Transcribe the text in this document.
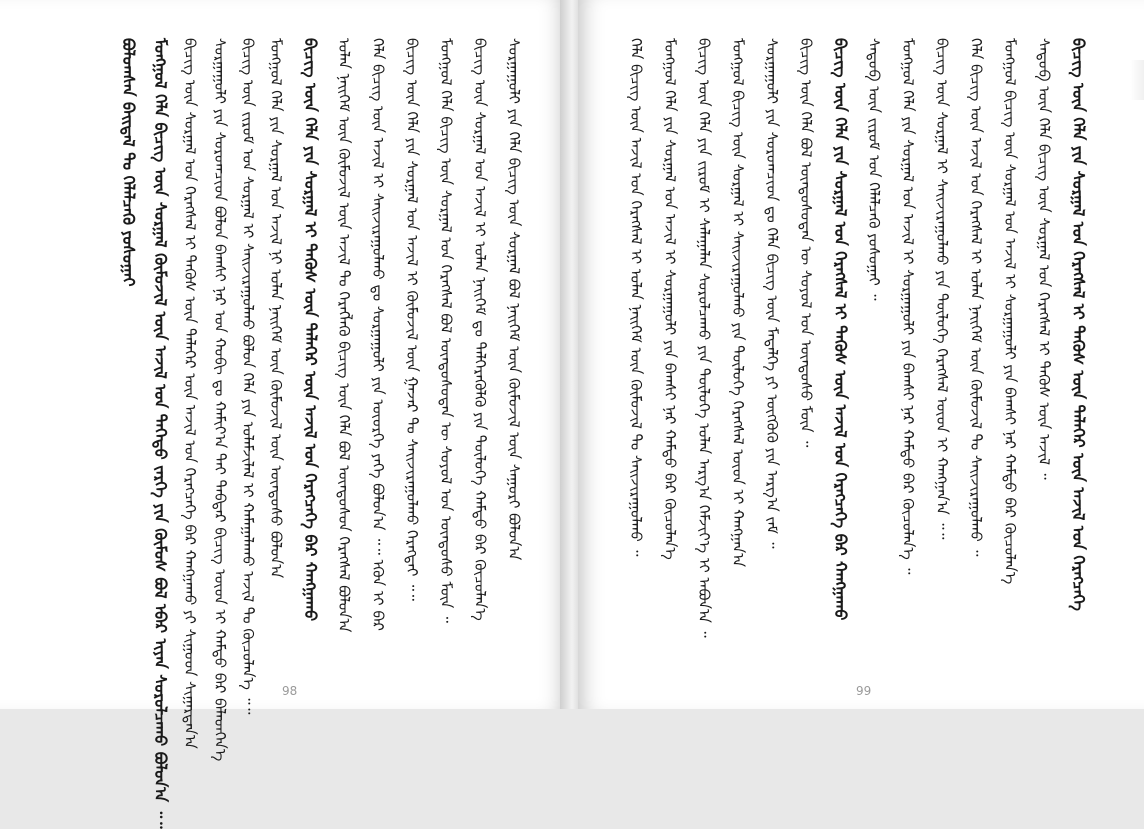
98
ᠪᠣᠯᠣᠭᠰᠠᠨ ᠪᠠᠢ᠌ᠳᠠᠯ ᠲᠤ ᠬᠡᠯᠡᠯᠴᠡᠬᠦ ᠶᠣᠰᠣᠭᠠᠢ ᠮᠣᠩᠭᠣᠯ ᠬᠡᠯᠡ ᠪᠢᠴᠢᠭ ᠦᠨ ᠰᠤᠷᠭᠠᠯ ᠬᠦᠮᠦᠵᠢᠯ ᠦᠨ ᠠᠵᠢᠯ ᠤᠨ ᠳᠡᠭᠡᠳᠦ ᠵᠡᠷᠭᠡ ᠶᠢᠨ ᠬᠦᠮᠦᠰ ᠪᠣᠯ ᠡᠪᠡᠷ ᠢᠶᠡᠨ ᠰᠤᠷᠤᠯᠴᠠᠬᠤ ᠪᠣᠯᠤᠨ᠎ᠠ ᠃᠃ ᠪᠢᠴᠢᠭ ᠦᠨ ᠰᠤᠷᠭᠠᠯ ᠤᠨ ᠬᠡᠷᠡᠭᠰᠡᠯ ᠢ ᠲᠡᠭᠦᠰ ᠦᠨ ᠲᠡᠯᠡᠭᠡᠷ ᠦᠨ ᠠᠵᠢᠯ ᠤᠨ ᠬᠡᠷᠡᠭᠴᠡᠭᠡ ᠪᠡᠷ ᠬᠠᠩᠭᠠᠬᠤ ᠶᠢ ᠰᠢᠭᠤᠳ ᠰᠢᠭᠠᠷᠳᠠᠨ᠎ᠠ ᠰᠤᠷᠭᠠᠭᠤᠯᠢ ᠶᠢᠨ ᠰᠤᠷᠤᠭᠴᠢᠳ ᠪᠣᠯᠤᠨ ᠪᠠᠭᠰᠢ ᠨᠠᠷ ᠤᠨ ᠬᠤᠪᠢ ᠳᠤ ᠬᠠᠮᠢᠶ᠎ᠠ ᠲᠠᠢ ᠳᠡᠪᠲᠡᠷ ᠪᠢᠴᠢᠭ ᠦᠳ ᠢ ᠬᠠᠮᠲᠤ ᠪᠡᠷ ᠪᠡᠯᠡᠳᠬᠡᠨ᠎ᠡ ᠪᠢᠴᠢᠭ ᠦᠨ ᠵᠢᠷᠤᠮ ᠤᠨ ᠰᠤᠷᠭᠠᠯ ᠢ ᠰᠠᠢᠵᠢᠷᠠᠭᠤᠯᠬᠤ ᠪᠣᠯᠤᠨ ᠬᠡᠯᠡ ᠶᠢᠨ ᠤᠯᠠᠮᠵᠢᠯᠠᠯ ᠢ ᠬᠠᠮᠠᠭᠠᠯᠠᠬᠤ ᠠᠵᠢᠯ ᠲᠤ ᠬᠦᠴᠦᠯᠡᠨ᠎ᠡ ᠃᠃ ᠮᠣᠩᠭᠣᠯ ᠬᠡᠯᠡ ᠶᠢᠨ ᠰᠤᠷᠭᠠᠯ ᠤᠨ ᠠᠵᠢᠯ ᠨᠢ ᠣᠯᠠᠨ ᠨᠡᠢᠭᠡᠮ ᠦᠨ ᠬᠦᠮᠦᠵᠢᠯ ᠦᠨ ᠦᠨᠳᠦᠰᠦ ᠪᠣᠯᠤᠨ᠎ᠠ ᠪᠢᠴᠢᠭ ᠦᠨ ᠬᠡᠯᠡ ᠶᠢᠨ ᠰᠤᠷᠭᠠᠯ ᠢ ᠲᠡᠭᠦᠰ ᠦᠨ ᠲᠡᠯᠡᠭᠡᠷ ᠦᠨ ᠠᠵᠢᠯ ᠤᠨ ᠬᠡᠷᠡᠭᠴᠡᠭᠡ ᠪᠡᠷ ᠬᠠᠩᠭᠠᠬᠤ ᠣᠯᠠᠨ ᠨᠡᠢᠭᠡᠮ ᠦᠨ ᠬᠦᠮᠦᠵᠢᠯ ᠦᠨ ᠠᠵᠢᠯ ᠲᠤ ᠬᠡᠷᠡᠭᠯᠡᠬᠦ ᠪᠢᠴᠢᠭ ᠦᠨ ᠬᠡᠯᠡ ᠪᠣᠯ ᠦᠨᠳᠦᠰᠦᠨ ᠬᠡᠷᠡᠭᠰᠡᠯ ᠪᠣᠯᠤᠨ᠎ᠠ ᠬᠡᠯᠡ ᠪᠢᠴᠢᠭ ᠦᠨ ᠠᠵᠢᠯ ᠢ ᠰᠠᠢᠵᠢᠷᠠᠭᠤᠯᠬᠤ ᠳᠤ ᠰᠤᠷᠭᠠᠭᠤᠯᠢ ᠶᠢᠨ ᠦᠦᠷᠭᠡ ᠶᠡᠬᠡ ᠪᠣᠯᠤᠨ᠎ᠠ ᠃᠃ ᠡᠭᠦᠨ ᠢ ᠪᠠᠷ ᠪᠢᠴᠢᠭ ᠦᠨ ᠬᠡᠯᠡ ᠶᠢᠨ ᠰᠤᠷᠭᠠᠯ ᠤᠨ ᠠᠵᠢᠯ ᠢ ᠬᠦᠮᠦᠵᠢᠯ ᠦᠨ ᠭᠠᠵᠠᠷ ᠲᠤ ᠰᠠᠢᠵᠢᠷᠠᠭᠤᠯᠬᠤ ᠬᠡᠷᠡᠭᠲᠡᠢ ᠃᠃ ᠮᠣᠩᠭᠣᠯ ᠬᠡᠯᠡ ᠪᠢᠴᠢᠭ ᠦᠨ ᠰᠤᠷᠭᠠᠯ ᠤᠨ ᠬᠡᠷᠡᠭᠰᠡᠯ ᠪᠣᠯ ᠦᠨᠳᠦᠰᠦᠲᠡᠨ ᠦ ᠰᠣᠶᠣᠯ ᠤᠨ ᠦᠨᠳᠦᠰᠦ ᠮᠥᠨ ᠃ ᠪᠢᠴᠢᠭ ᠦᠨ ᠰᠤᠷᠭᠠᠯ ᠤᠨ ᠠᠵᠢᠯ ᠢ ᠣᠯᠠᠨ ᠨᠡᠢᠭᠡᠮ ᠳᠤ ᠳᠡᠯᠭᠡᠷᠡᠭᠦᠯᠬᠦ ᠶᠢᠨ ᠲᠥᠯᠦᠭᠡ ᠬᠠᠮᠲᠤ ᠪᠠᠷ ᠬᠦᠴᠦᠯᠡᠨ᠎ᠡ ᠰᠤᠷᠭᠠᠭᠤᠯᠢ ᠶᠢᠨ ᠬᠡᠯᠡ ᠪᠢᠴᠢᠭ ᠦᠨ ᠰᠤᠷᠭᠠᠯ ᠪᠣᠯ ᠨᠡᠢᠭᠡᠮ ᠦᠨ ᠬᠦᠮᠦᠵᠢᠯ ᠦᠨ ᠰᠠᠭᠤᠷᠢ ᠪᠣᠯᠤᠨ᠎ᠠ
99
ᠬᠡᠯᠡ ᠪᠢᠴᠢᠭ ᠦᠨ ᠠᠵᠢᠯ ᠤᠨ ᠬᠡᠷᠡᠭᠰᠡᠯ ᠢ ᠣᠯᠠᠨ ᠨᠡᠢᠭᠡᠮ ᠦᠨ ᠬᠦᠮᠦᠵᠢᠯ ᠲᠤ ᠰᠠᠢᠵᠢᠷᠠᠭᠤᠯᠬᠤ ᠃ ᠮᠣᠩᠭᠣᠯ ᠬᠡᠯᠡ ᠶᠢᠨ ᠰᠤᠷᠭᠠᠯ ᠤᠨ ᠠᠵᠢᠯ ᠢ ᠰᠤᠷᠭᠠᠭᠤᠯᠢ ᠶᠢᠨ ᠪᠠᠭᠰᠢ ᠨᠠᠷ ᠬᠠᠮᠲᠤ ᠪᠠᠷ ᠬᠦᠴᠦᠯᠡᠨ᠎ᠡ ᠪᠢᠴᠢᠭ ᠦᠨ ᠬᠡᠯᠡ ᠶᠢᠨ ᠵᠢᠷᠤᠮ ᠢ ᠰᠠᠯᠠᠭᠠᠯᠠᠨ ᠰᠤᠷᠤᠯᠴᠠᠬᠤ ᠶᠢᠨ ᠲᠥᠯᠦᠭᠡ ᠣᠯᠠᠨ ᠠᠷᠭ᠎ᠠ ᠬᠡᠮᠵᠢᠶ᠎ᠡ ᠢ ᠠᠪᠤᠨ᠎ᠠ ᠃ ᠮᠣᠩᠭᠣᠯ ᠪᠢᠴᠢᠭ ᠦᠨ ᠰᠤᠷᠭᠠᠯ ᠢ ᠰᠠᠢᠵᠢᠷᠠᠭᠤᠯᠬᠤ ᠶᠢᠨ ᠲᠥᠯᠦᠭᠡ ᠬᠡᠷᠡᠭᠰᠡᠯ ᠦᠳ ᠢ ᠬᠠᠩᠭᠠᠨ᠎ᠠ ᠰᠤᠷᠭᠠᠭᠤᠯᠢ ᠶᠢᠨ ᠰᠤᠷᠤᠭᠴᠢᠳ ᠳᠤ ᠬᠡᠯᠡ ᠪᠢᠴᠢᠭ ᠦᠨ ᠮᠡᠳᠡᠯᠭᠡ ᠶᠢ ᠥᠭᠭᠦᠬᠦ ᠶᠢᠨ ᠠᠷᠭ᠎ᠠ ᠵᠠᠮ ᠃ ᠪᠢᠴᠢᠭ ᠦᠨ ᠬᠡᠯᠡ ᠪᠣᠯ ᠦᠨᠳᠦᠰᠦᠲᠡᠨ ᠦ ᠰᠣᠶᠣᠯ ᠤᠨ ᠦᠨᠳᠦᠰᠦ ᠮᠥᠨ ᠃ ᠪᠢᠴᠢᠭ ᠦᠨ ᠬᠡᠯᠡ ᠶᠢᠨ ᠰᠤᠷᠭᠠᠯ ᠤᠨ ᠬᠡᠷᠡᠭᠰᠡᠯ ᠢ ᠲᠡᠭᠦᠰ ᠦᠨ ᠠᠵᠢᠯ ᠤᠨ ᠬᠡᠷᠡᠭᠴᠡᠭᠡ ᠪᠡᠷ ᠬᠠᠩᠭᠠᠬᠤ ᠰᠡᠳᠦᠪ ᠦᠨ ᠵᠢᠷᠤᠮ ᠤᠨ ᠬᠡᠯᠡᠯᠴᠡᠬᠦ ᠶᠣᠰᠣᠭᠠᠢ ᠃ ᠮᠣᠩᠭᠣᠯ ᠬᠡᠯᠡ ᠶᠢᠨ ᠰᠤᠷᠭᠠᠯ ᠤᠨ ᠠᠵᠢᠯ ᠢ ᠰᠤᠷᠭᠠᠭᠤᠯᠢ ᠶᠢᠨ ᠪᠠᠭᠰᠢ ᠨᠠᠷ ᠬᠠᠮᠲᠤ ᠪᠠᠷ ᠬᠦᠴᠦᠯᠡᠨ᠎ᠡ ᠃ ᠪᠢᠴᠢᠭ ᠦᠨ ᠰᠤᠷᠭᠠᠯ ᠢ ᠰᠠᠢᠵᠢᠷᠠᠭᠤᠯᠬᠤ ᠶᠢᠨ ᠲᠥᠯᠦᠭᠡ ᠬᠡᠷᠡᠭᠰᠡᠯ ᠦᠳ ᠢ ᠬᠠᠩᠭᠠᠨ᠎ᠠ ᠃᠃ ᠬᠡᠯᠡ ᠪᠢᠴᠢᠭ ᠦᠨ ᠠᠵᠢᠯ ᠤᠨ ᠬᠡᠷᠡᠭᠰᠡᠯ ᠢ ᠣᠯᠠᠨ ᠨᠡᠢᠭᠡᠮ ᠦᠨ ᠬᠦᠮᠦᠵᠢᠯ ᠲᠤ ᠰᠠᠢᠵᠢᠷᠠᠭᠤᠯᠬᠤ ᠃ ᠮᠣᠩᠭᠣᠯ ᠪᠢᠴᠢᠭ ᠦᠨ ᠰᠤᠷᠭᠠᠯ ᠤᠨ ᠠᠵᠢᠯ ᠢ ᠰᠤᠷᠭᠠᠭᠤᠯᠢ ᠶᠢᠨ ᠪᠠᠭᠰᠢ ᠨᠠᠷ ᠬᠠᠮᠲᠤ ᠪᠠᠷ ᠬᠦᠴᠦᠯᠡᠨ᠎ᠡ ᠰᠡᠳᠦᠪ ᠦᠨ ᠬᠡᠯᠡ ᠪᠢᠴᠢᠭ ᠦᠨ ᠰᠤᠷᠭᠠᠯ ᠤᠨ ᠬᠡᠷᠡᠭᠰᠡᠯ ᠢ ᠲᠡᠭᠦᠰ ᠦᠨ ᠠᠵᠢᠯ ᠃ ᠪᠢᠴᠢᠭ ᠦᠨ ᠬᠡᠯᠡ ᠶᠢᠨ ᠰᠤᠷᠭᠠᠯ ᠤᠨ ᠬᠡᠷᠡᠭᠰᠡᠯ ᠢ ᠲᠡᠭᠦᠰ ᠦᠨ ᠲᠡᠯᠡᠭᠡᠷ ᠦᠨ ᠠᠵᠢᠯ ᠤᠨ ᠬᠡᠷᠡᠭᠴᠡᠭᠡ
